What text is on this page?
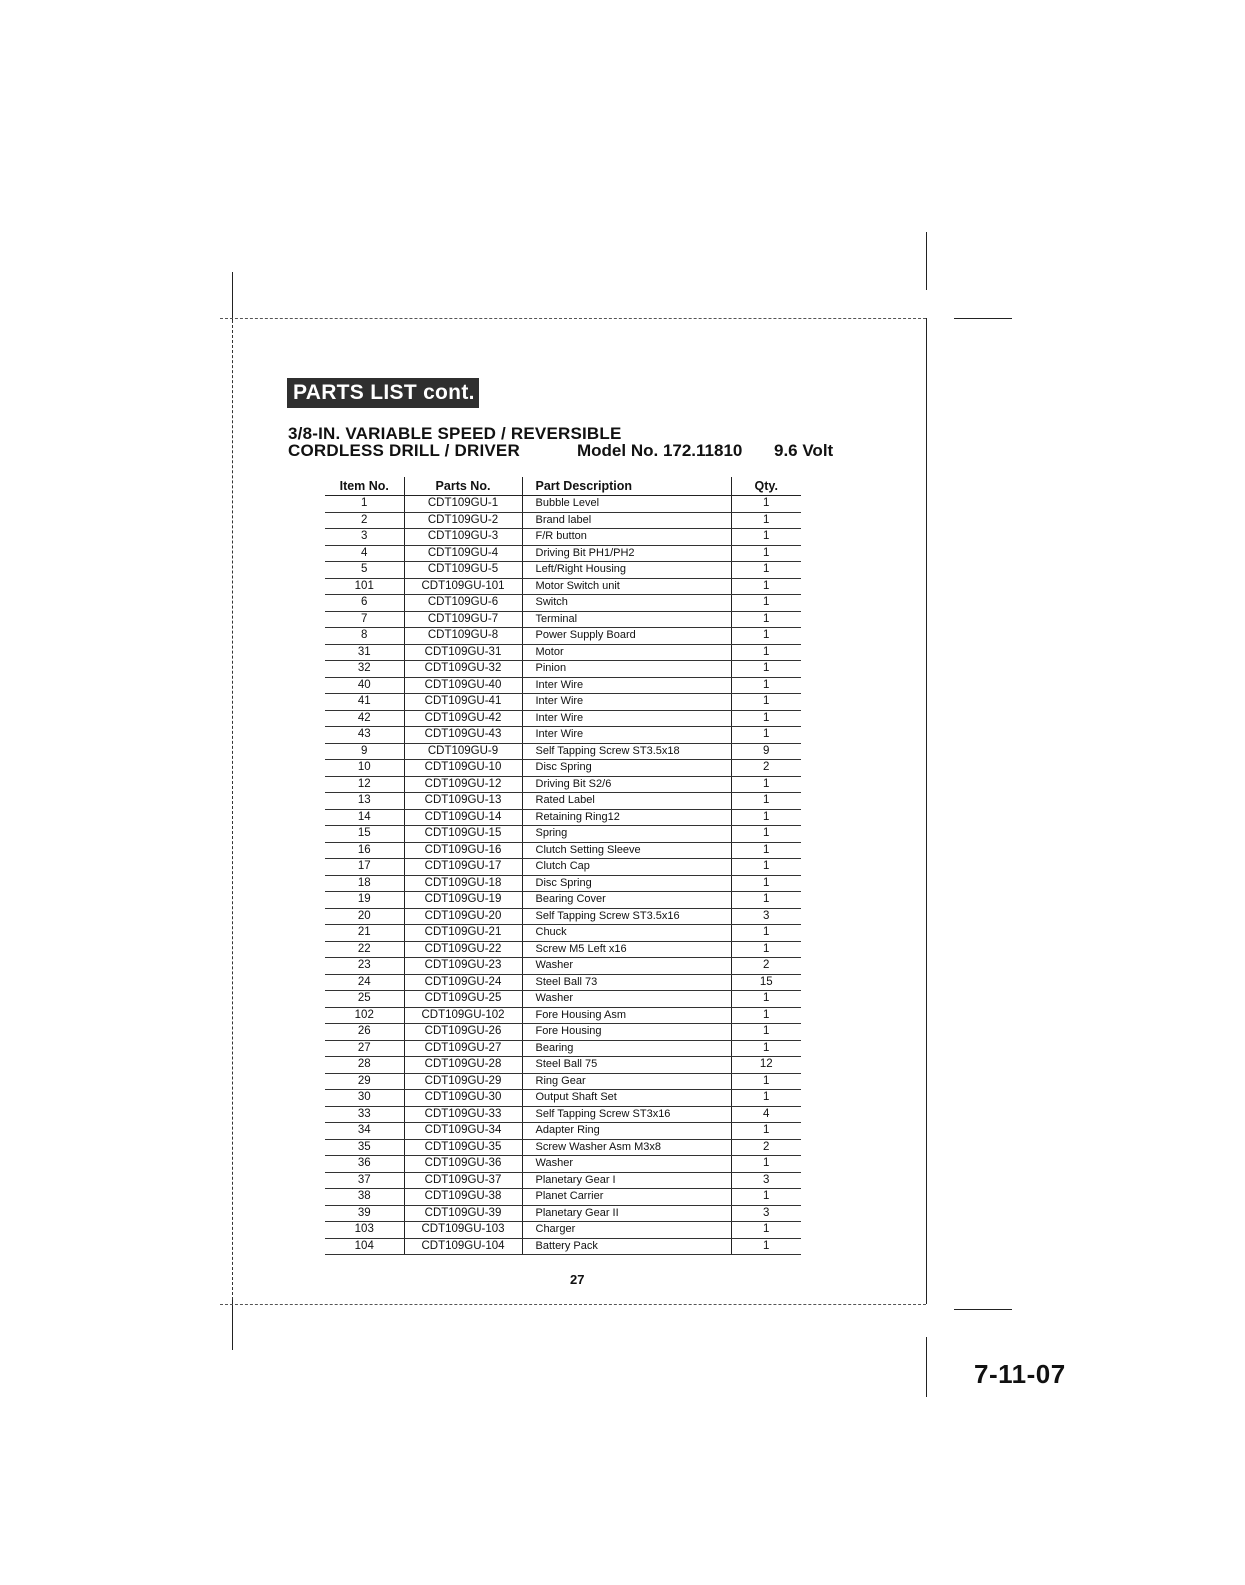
PARTS LIST cont.
3/8-IN. VARIABLE SPEED / REVERSIBLE
CORDLESS DRILL / DRIVER	Model No. 172.11810 9.6 Volt
Item No.	Parts No.	Part Description	Qty.
1	CDT109GU-1	Bubble Level	1
2	CDT109GU-2	Brand label	1
3	CDT109GU-3	F/R button	1
4	CDT109GU-4	Driving Bit PH1/PH2	1
5	CDT109GU-5	Left/Right Housing	1
101	CDT109GU-101	Motor Switch unit	1
6	CDT109GU-6	Switch	1
7	CDT109GU-7	Terminal	1
8	CDT109GU-8	Power Supply Board	1
31	CDT109GU-31	Motor	1
32	CDT109GU-32	Pinion	1
40	CDT109GU-40	Inter Wire	1
41	CDT109GU-41	Inter Wire	1
42	CDT109GU-42	Inter Wire	1
43	CDT109GU-43	Inter Wire	1
9	CDT109GU-9	Self Tapping Screw ST3.5x18	9
10	CDT109GU-10	Disc Spring	2
12	CDT109GU-12	Driving Bit S2/6	1
13	CDT109GU-13	Rated Label	1
14	CDT109GU-14	Retaining Ring12	1
15	CDT109GU-15	Spring	1
16	CDT109GU-16	Clutch Setting Sleeve	1
17	CDT109GU-17	Clutch Cap	1
18	CDT109GU-18	Disc Spring	1
19	CDT109GU-19	Bearing Cover	1
20	CDT109GU-20	Self Tapping Screw ST3.5x16	3
21	CDT109GU-21	Chuck	1
22	CDT109GU-22	Screw M5 Left x16	1
23	CDT109GU-23	Washer	2
24	CDT109GU-24	Steel Ball 73	15
25	CDT109GU-25	Washer	1
102	CDT109GU-102	Fore Housing Asm	1
26	CDT109GU-26	Fore Housing	1
27	CDT109GU-27	Bearing	1
28	CDT109GU-28	Steel Ball 75	12
29	CDT109GU-29	Ring Gear	1
30	CDT109GU-30	Output Shaft Set	1
33	CDT109GU-33	Self Tapping Screw ST3x16	4
34	CDT109GU-34	Adapter Ring	1
35	CDT109GU-35	Screw Washer Asm M3x8	2
36	CDT109GU-36	Washer	1
37	CDT109GU-37	Planetary Gear I	3
38	CDT109GU-38	Planet Carrier	1
39	CDT109GU-39	Planetary Gear II	3
103	CDT109GU-103	Charger	1
104	CDT109GU-104	Battery Pack	1
27
7-11-07
